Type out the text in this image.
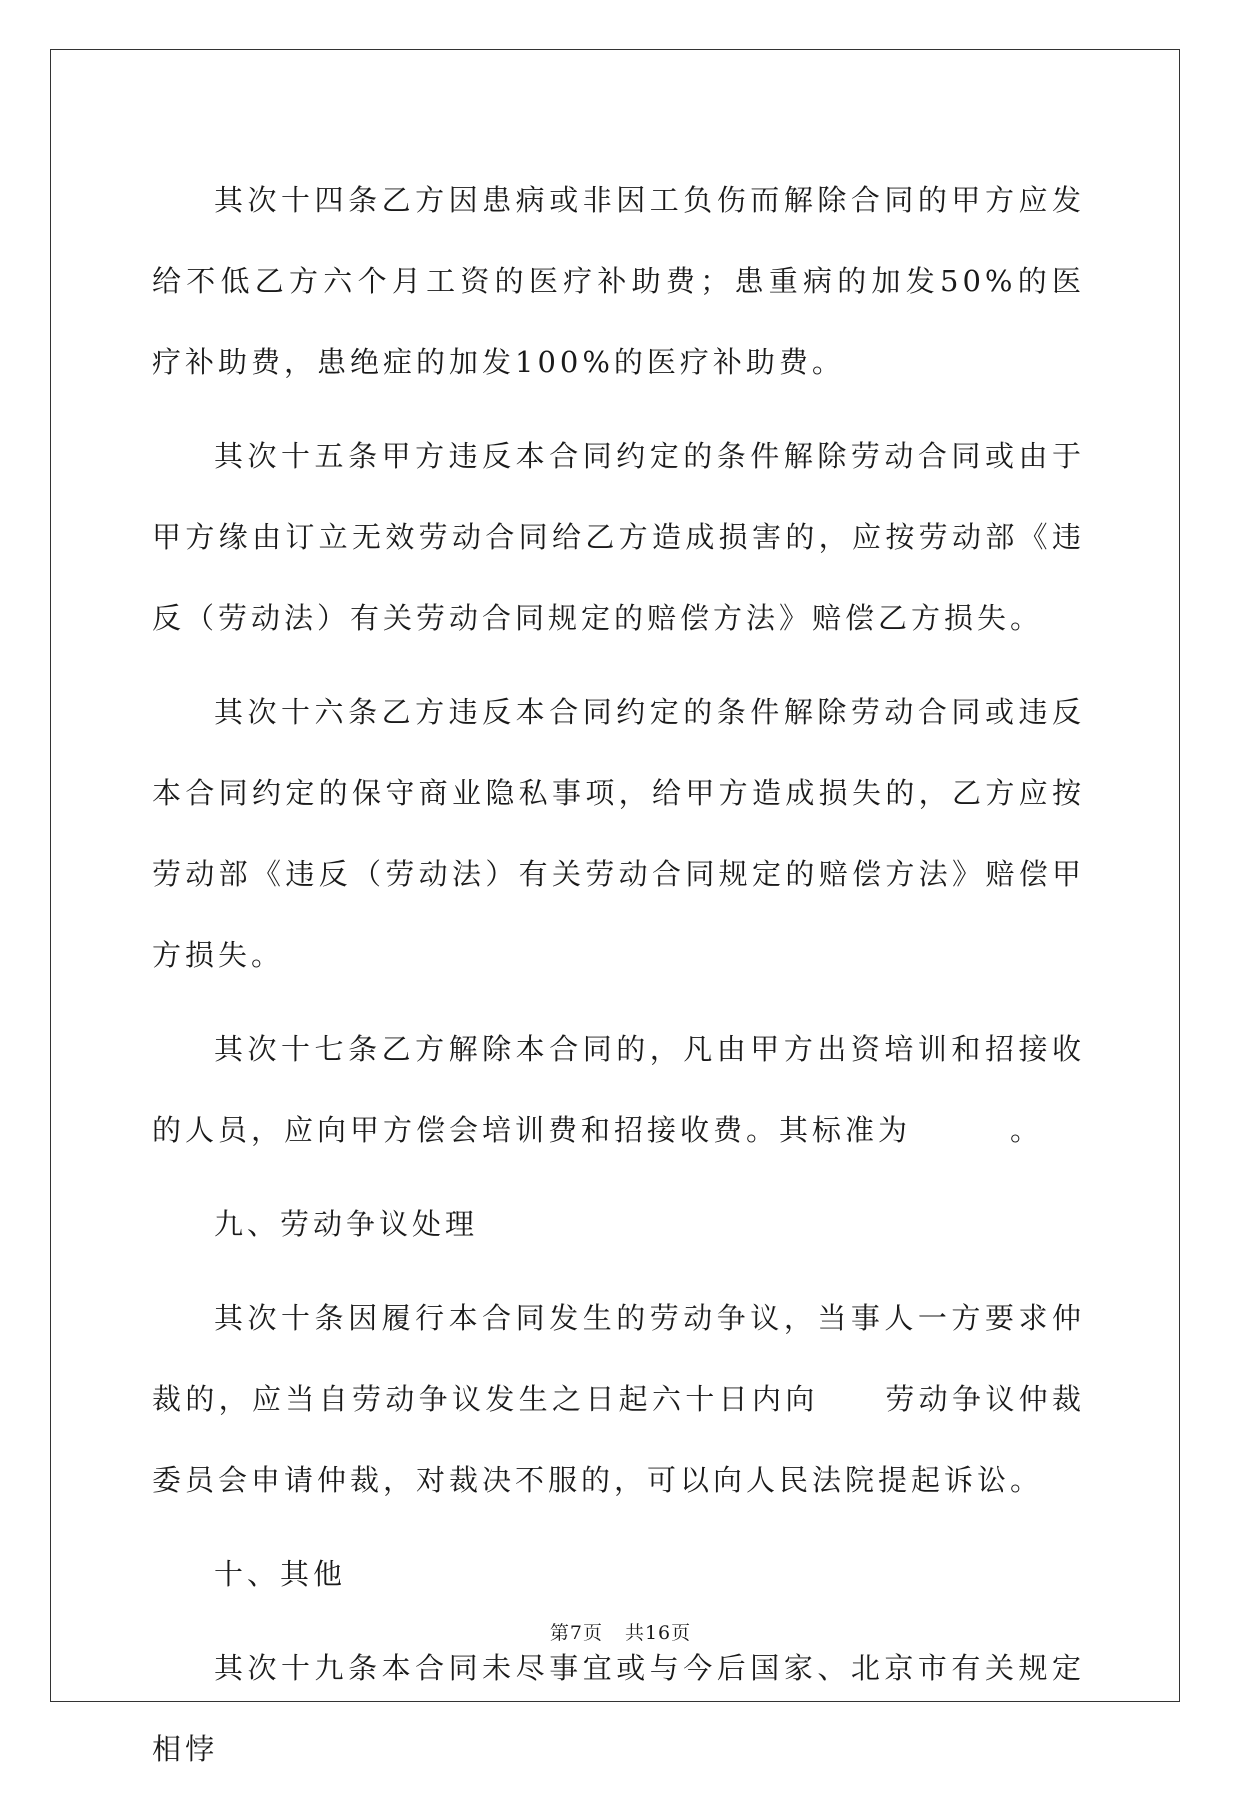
其次十四条乙方因患病或非因工负伤而解除合同的甲方应发给不低乙方六个月工资的医疗补助费；患重病的加发50%的医疗补助费，患绝症的加发100%的医疗补助费。

其次十五条甲方违反本合同约定的条件解除劳动合同或由于甲方缘由订立无效劳动合同给乙方造成损害的，应按劳动部《违反（劳动法）有关劳动合同规定的赔偿方法》赔偿乙方损失。

其次十六条乙方违反本合同约定的条件解除劳动合同或违反本合同约定的保守商业隐私事项，给甲方造成损失的，乙方应按劳动部《违反（劳动法）有关劳动合同规定的赔偿方法》赔偿甲方损失。

其次十七条乙方解除本合同的，凡由甲方出资培训和招接收的人员，应向甲方偿会培训费和招接收费。其标准为　　　。

九、劳动争议处理

其次十条因履行本合同发生的劳动争议，当事人一方要求仲裁的，应当自劳动争议发生之日起六十日内向　　劳动争议仲裁委员会申请仲裁，对裁决不服的，可以向人民法院提起诉讼。

十、其他

其次十九条本合同未尽事宜或与今后国家、北京市有关规定相悖

第7页 共16页
